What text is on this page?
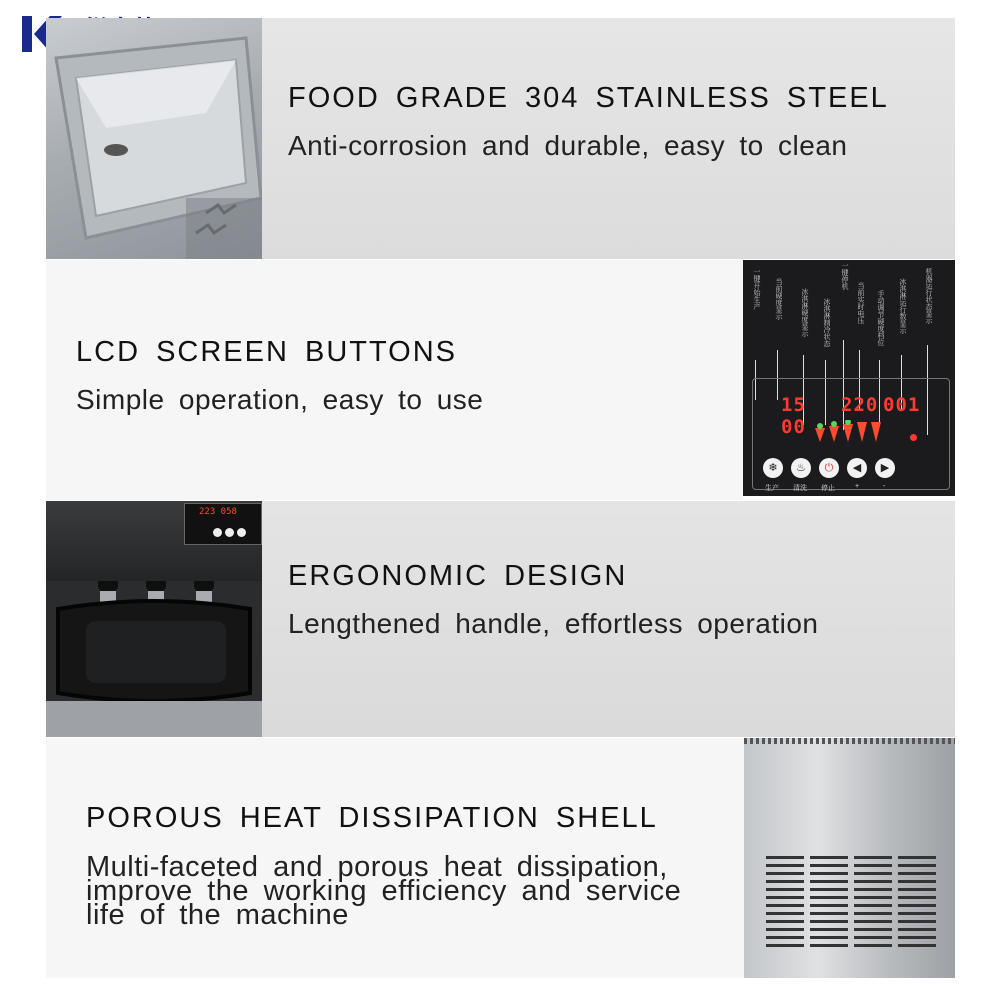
FOOD GRADE 304 STAINLESS STEEL
Anti-corrosion and durable, easy to clean
LCD SCREEN BUTTONS
Simple operation, easy to use
一键开始生产 当前硬度显示	冰淇淋硬度显示 冰淇淋制冷状态
一键停机
当前实时电压 手动调节硬度档位 冰淇淋运行数显示	机器运行状态显示
15
00
220 001
❄	♨	⏻	◀	▶
生产 清洗 停止	+	-
223 058
ERGONOMIC DESIGN
Lengthened handle, effortless operation
POROUS HEAT DISSIPATION SHELL
Multi-faceted and porous heat dissipation,
improve the working efficiency and service
life of the machine
